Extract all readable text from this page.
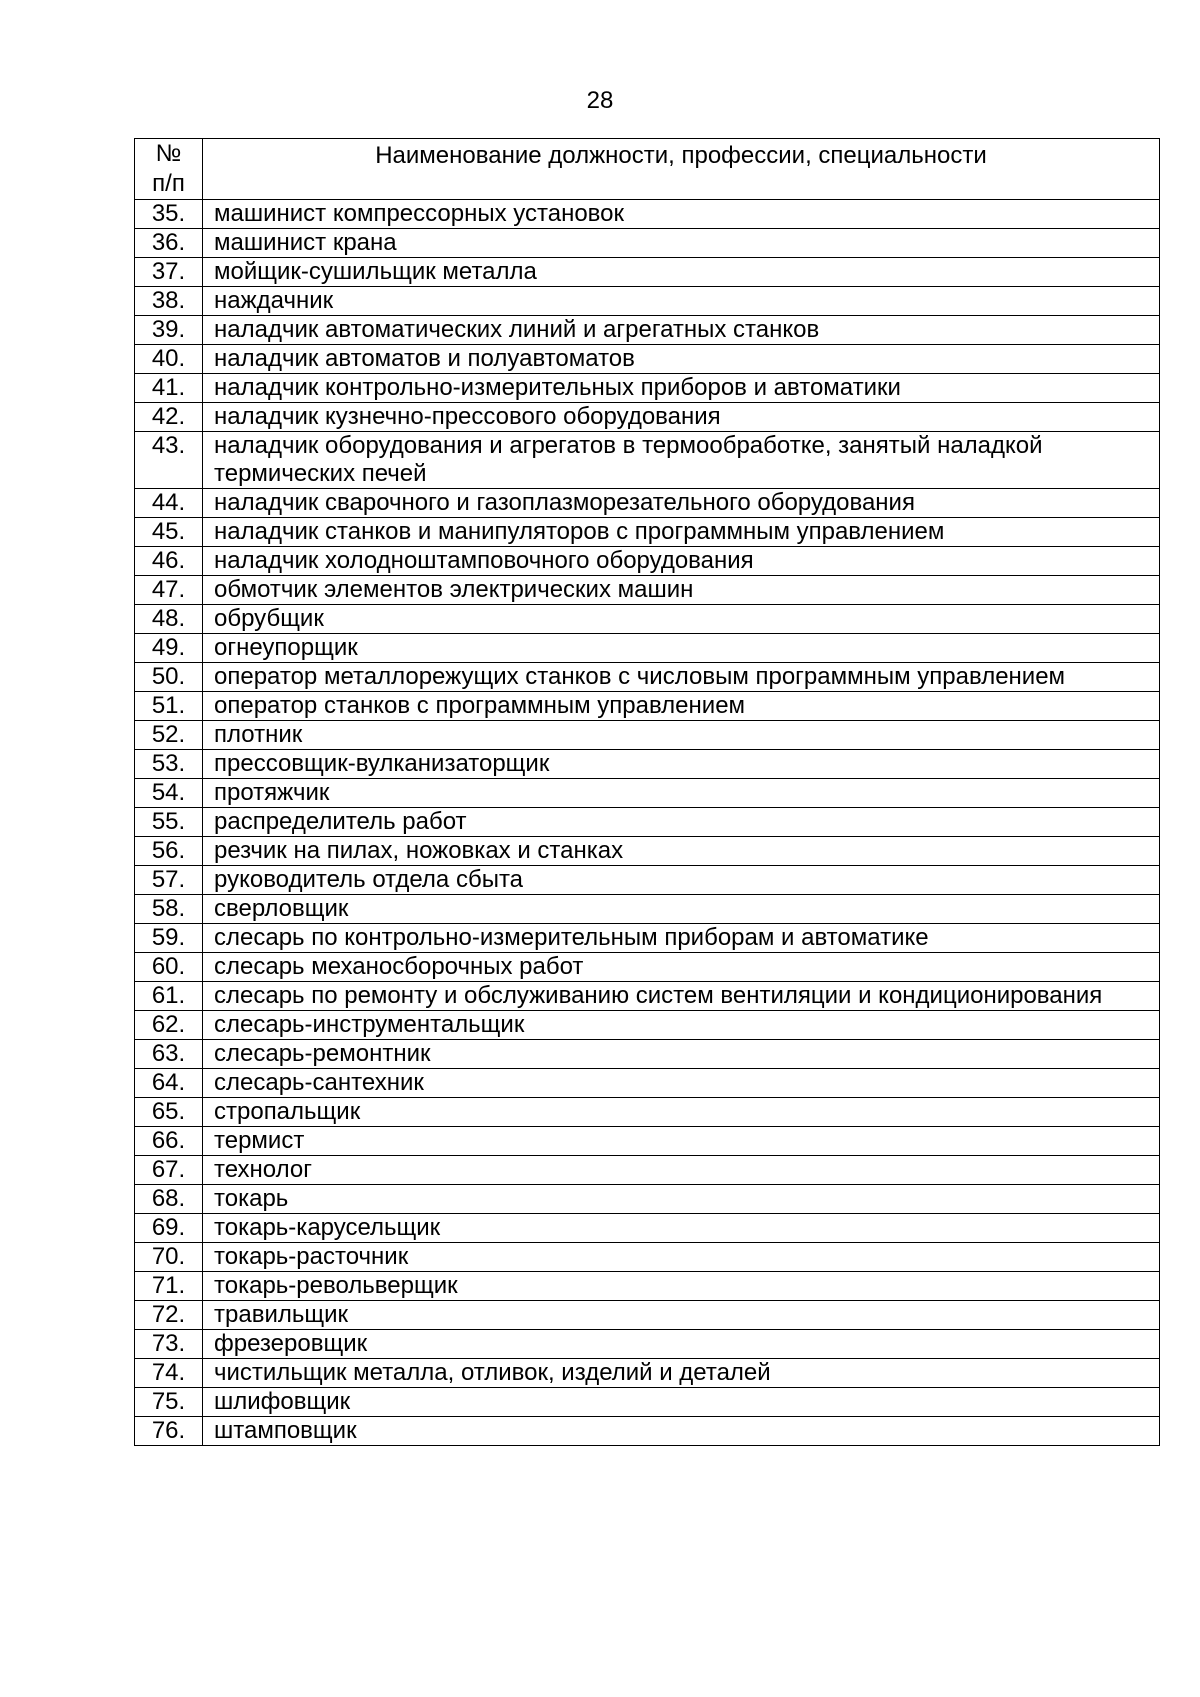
28
№
п/п	Наименование должности, профессии, специальности
35.	машинист компрессорных установок
36.	машинист крана
37.	мойщик-сушильщик металла
38.	наждачник
39.	наладчик автоматических линий и агрегатных станков
40.	наладчик автоматов и полуавтоматов
41.	наладчик контрольно-измерительных приборов и автоматики
42.	наладчик кузнечно-прессового оборудования
43.	наладчик оборудования и агрегатов в термообработке, занятый наладкой термических печей
44.	наладчик сварочного и газоплазморезательного оборудования
45.	наладчик станков и манипуляторов с программным управлением
46.	наладчик холодноштамповочного оборудования
47.	обмотчик элементов электрических машин
48.	обрубщик
49.	огнеупорщик
50.	оператор металлорежущих станков с числовым программным управлением
51.	оператор станков с программным управлением
52.	плотник
53.	прессовщик-вулканизаторщик
54.	протяжчик
55.	распределитель работ
56.	резчик на пилах, ножовках и станках
57.	руководитель отдела сбыта
58.	сверловщик
59.	слесарь по контрольно-измерительным приборам и автоматике
60.	слесарь механосборочных работ
61.	слесарь по ремонту и обслуживанию систем вентиляции и кондиционирования
62.	слесарь-инструментальщик
63.	слесарь-ремонтник
64.	слесарь-сантехник
65.	стропальщик
66.	термист
67.	технолог
68.	токарь
69.	токарь-карусельщик
70.	токарь-расточник
71.	токарь-револьверщик
72.	травильщик
73.	фрезеровщик
74.	чистильщик металла, отливок, изделий и деталей
75.	шлифовщик
76.	штамповщик
